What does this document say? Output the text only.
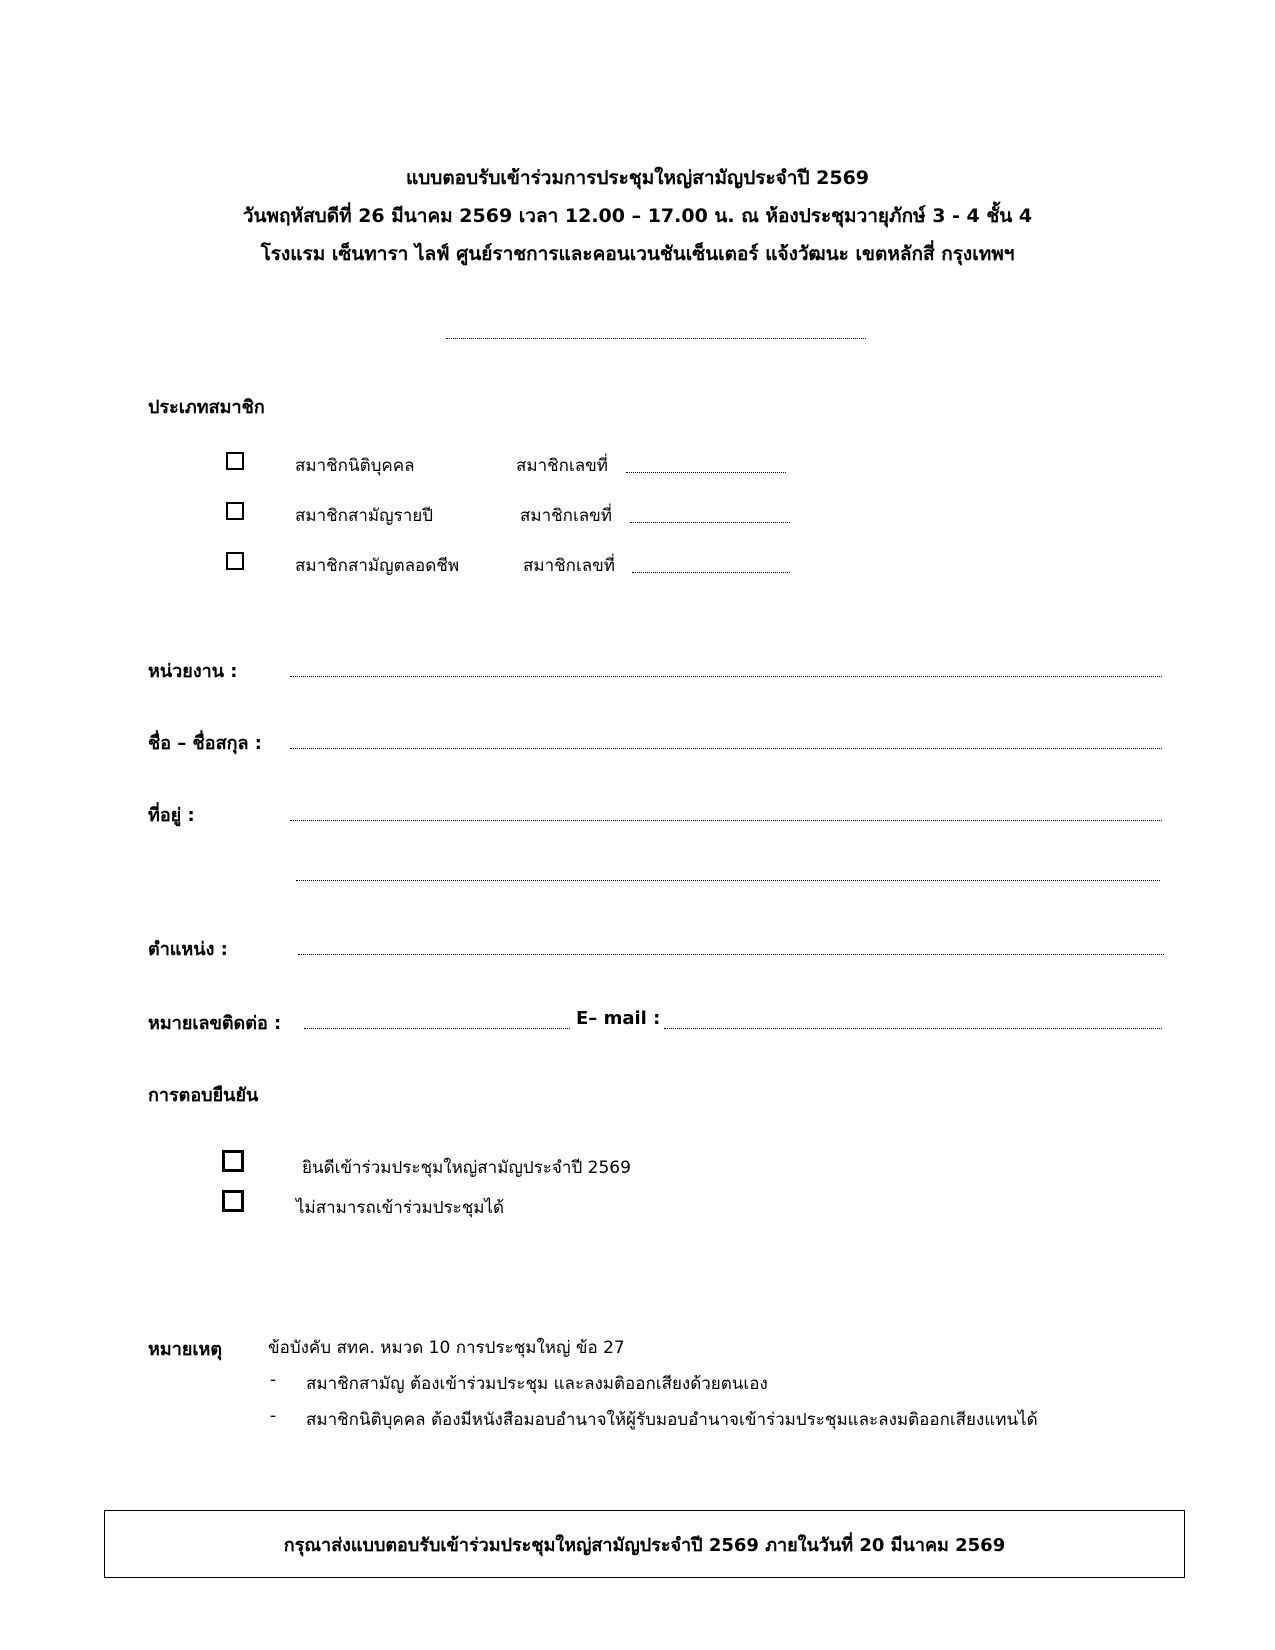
แบบตอบรับเข้าร่วมการประชุมใหญ่สามัญประจำปี 2569
วันพฤหัสบดีที่ 26 มีนาคม 2569 เวลา 12.00 – 17.00 น. ณ ห้องประชุมวายุภักษ์ 3 - 4 ชั้น 4
โรงแรม เซ็นทารา ไลฟ์ ศูนย์ราชการและคอนเวนชันเซ็นเตอร์ แจ้งวัฒนะ เขตหลักสี่ กรุงเทพฯ
ประเภทสมาชิก
สมาชิกนิติบุคคล	สมาชิกเลขที่
สมาชิกสามัญรายปี	สมาชิกเลขที่
สมาชิกสามัญตลอดชีพ	สมาชิกเลขที่
หน่วยงาน :
ชื่อ – ชื่อสกุล :
ที่อยู่ :
ตำแหน่ง :
หมายเลขติดต่อ :	E– mail :
การตอบยืนยัน
ยินดีเข้าร่วมประชุมใหญ่สามัญประจำปี 2569
ไม่สามารถเข้าร่วมประชุมได้
หมายเหตุ	ข้อบังคับ สทค. หมวด 10 การประชุมใหญ่ ข้อ 27
- สมาชิกสามัญ ต้องเข้าร่วมประชุม และลงมติออกเสียงด้วยตนเอง
- สมาชิกนิติบุคคล ต้องมีหนังสือมอบอำนาจให้ผู้รับมอบอำนาจเข้าร่วมประชุมและลงมติออกเสียงแทนได้
กรุณาส่งแบบตอบรับเข้าร่วมประชุมใหญ่สามัญประจำปี 2569 ภายในวันที่ 20 มีนาคม 2569
